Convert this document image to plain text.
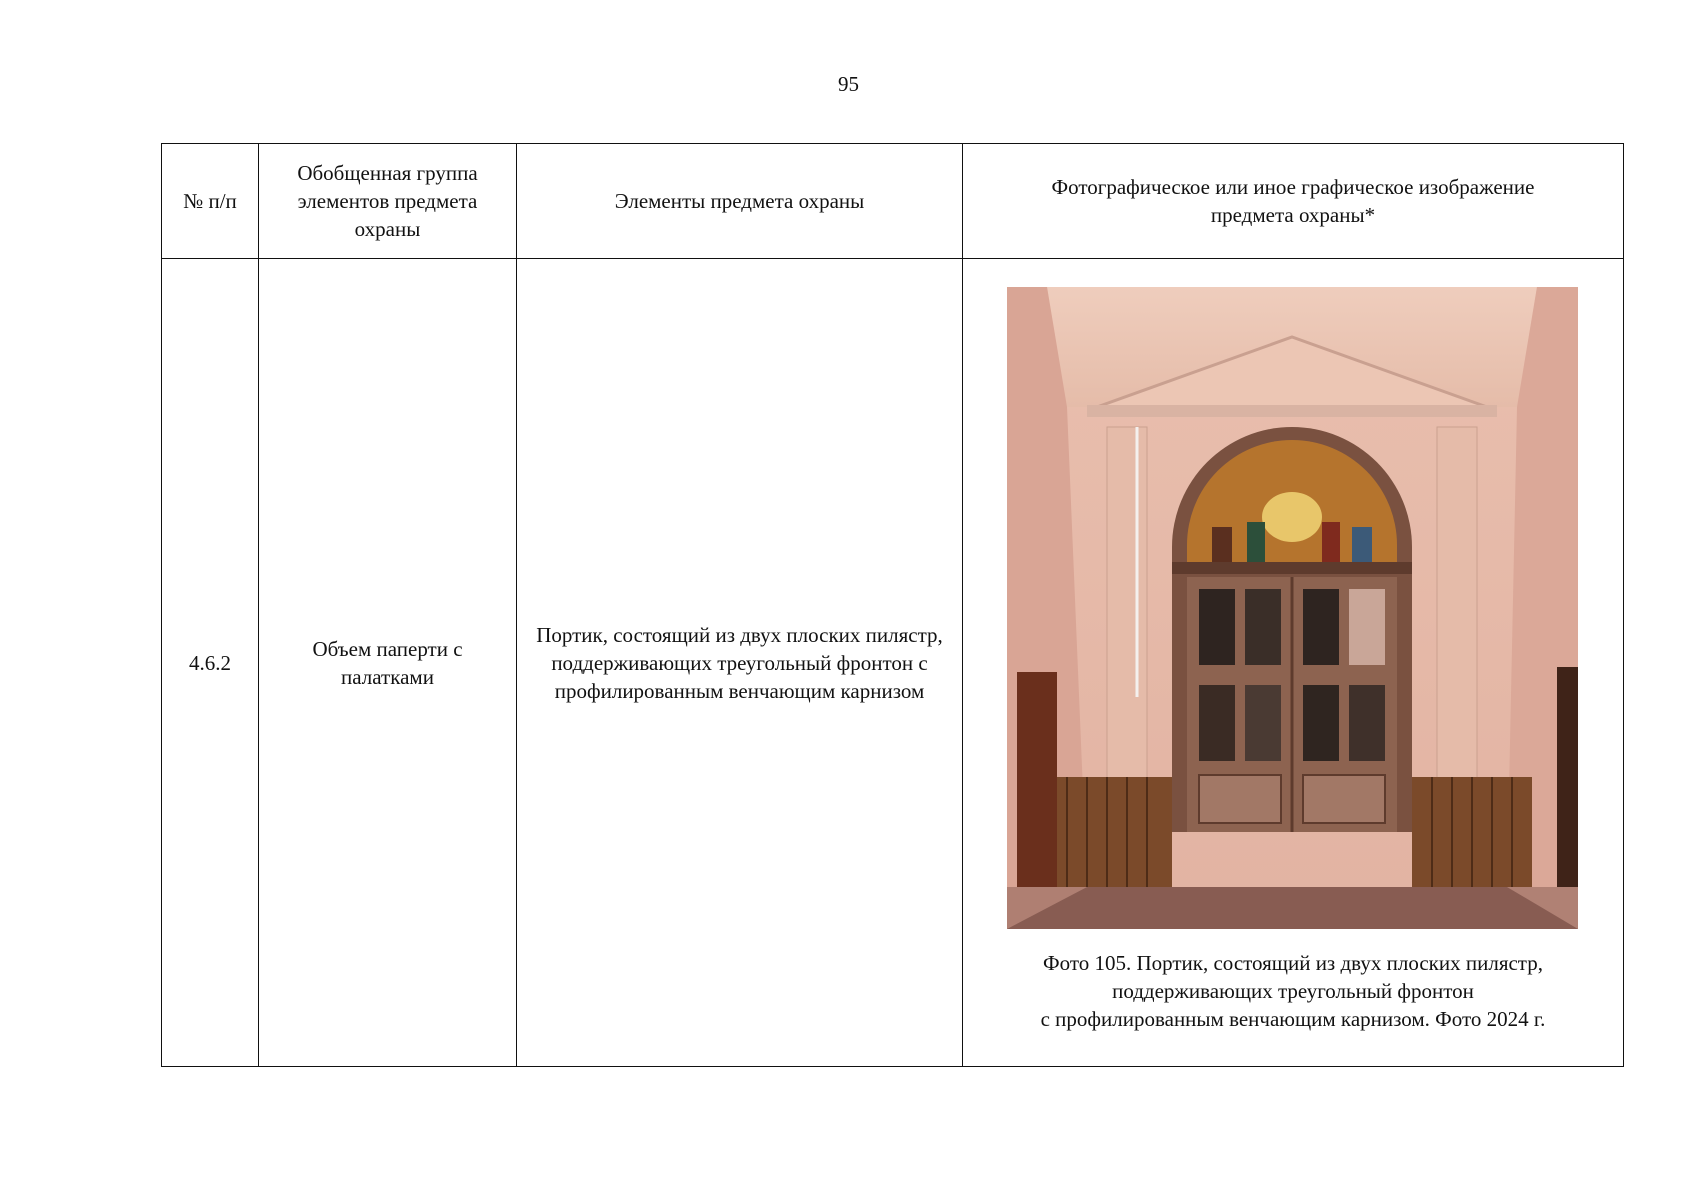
95
№ п/п	Обобщенная группа элементов предмета охраны	Элементы предмета охраны	Фотографическое или иное графическое изображение предмета охраны*

4.6.2	Объем паперти с палатками	Портик, состоящий из двух плоских пилястр, поддерживающих треугольный фронтон с профилированным венчающим карнизом	Фото 105. Портик, состоящий из двух плоских пилястр,
поддерживающих треугольный фронтон
с профилированным венчающим карнизом. Фото 2024 г.
